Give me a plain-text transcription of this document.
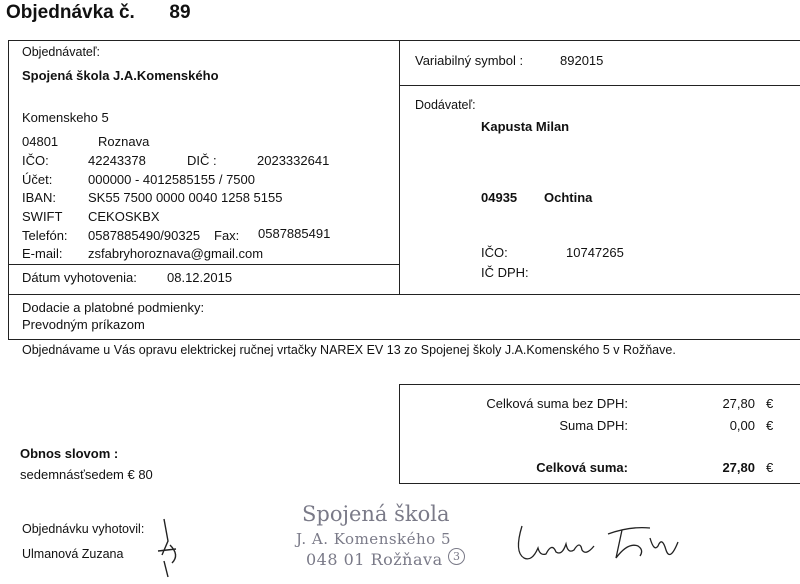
Objednávka č. 89
Objednávateľ:
Spojená škola J.A.Komenského
Komenskeho 5
04801	Roznava
IČO:	42243378	DIČ :	2023332641
Účet:	000000 - 4012585155 / 7500
IBAN: SK55 7500 0000 0040 1258 5155
SWIFT CEKOSKBX
Telefón: 0587885490/90325 Fax: 0587885491
E-mail: zsfabryhoroznava@gmail.com
Dátum vyhotovenia: 08.12.2015
Variabilný symbol :	892015
Dodávateľ:
Kapusta Milan
04935 Ochtina
IČO:	10747265
IČ DPH:
Dodacie a platobné podmienky:
Prevodným príkazom
Objednávame u Vás opravu elektrickej ručnej vrtačky NAREX EV 13 zo Spojenej školy J.A.Komenského 5 v Rožňave.
Celková suma bez DPH:	27,80 €
Suma DPH:	0,00 €
Celková suma:	27,80 €
Obnos slovom :
sedemnásťsedem € 80
Objednávku vyhotovil:
Ulmanová Zuzana
Spojená škola
J. A. Komenského 5
048 01 Rožňava 3
